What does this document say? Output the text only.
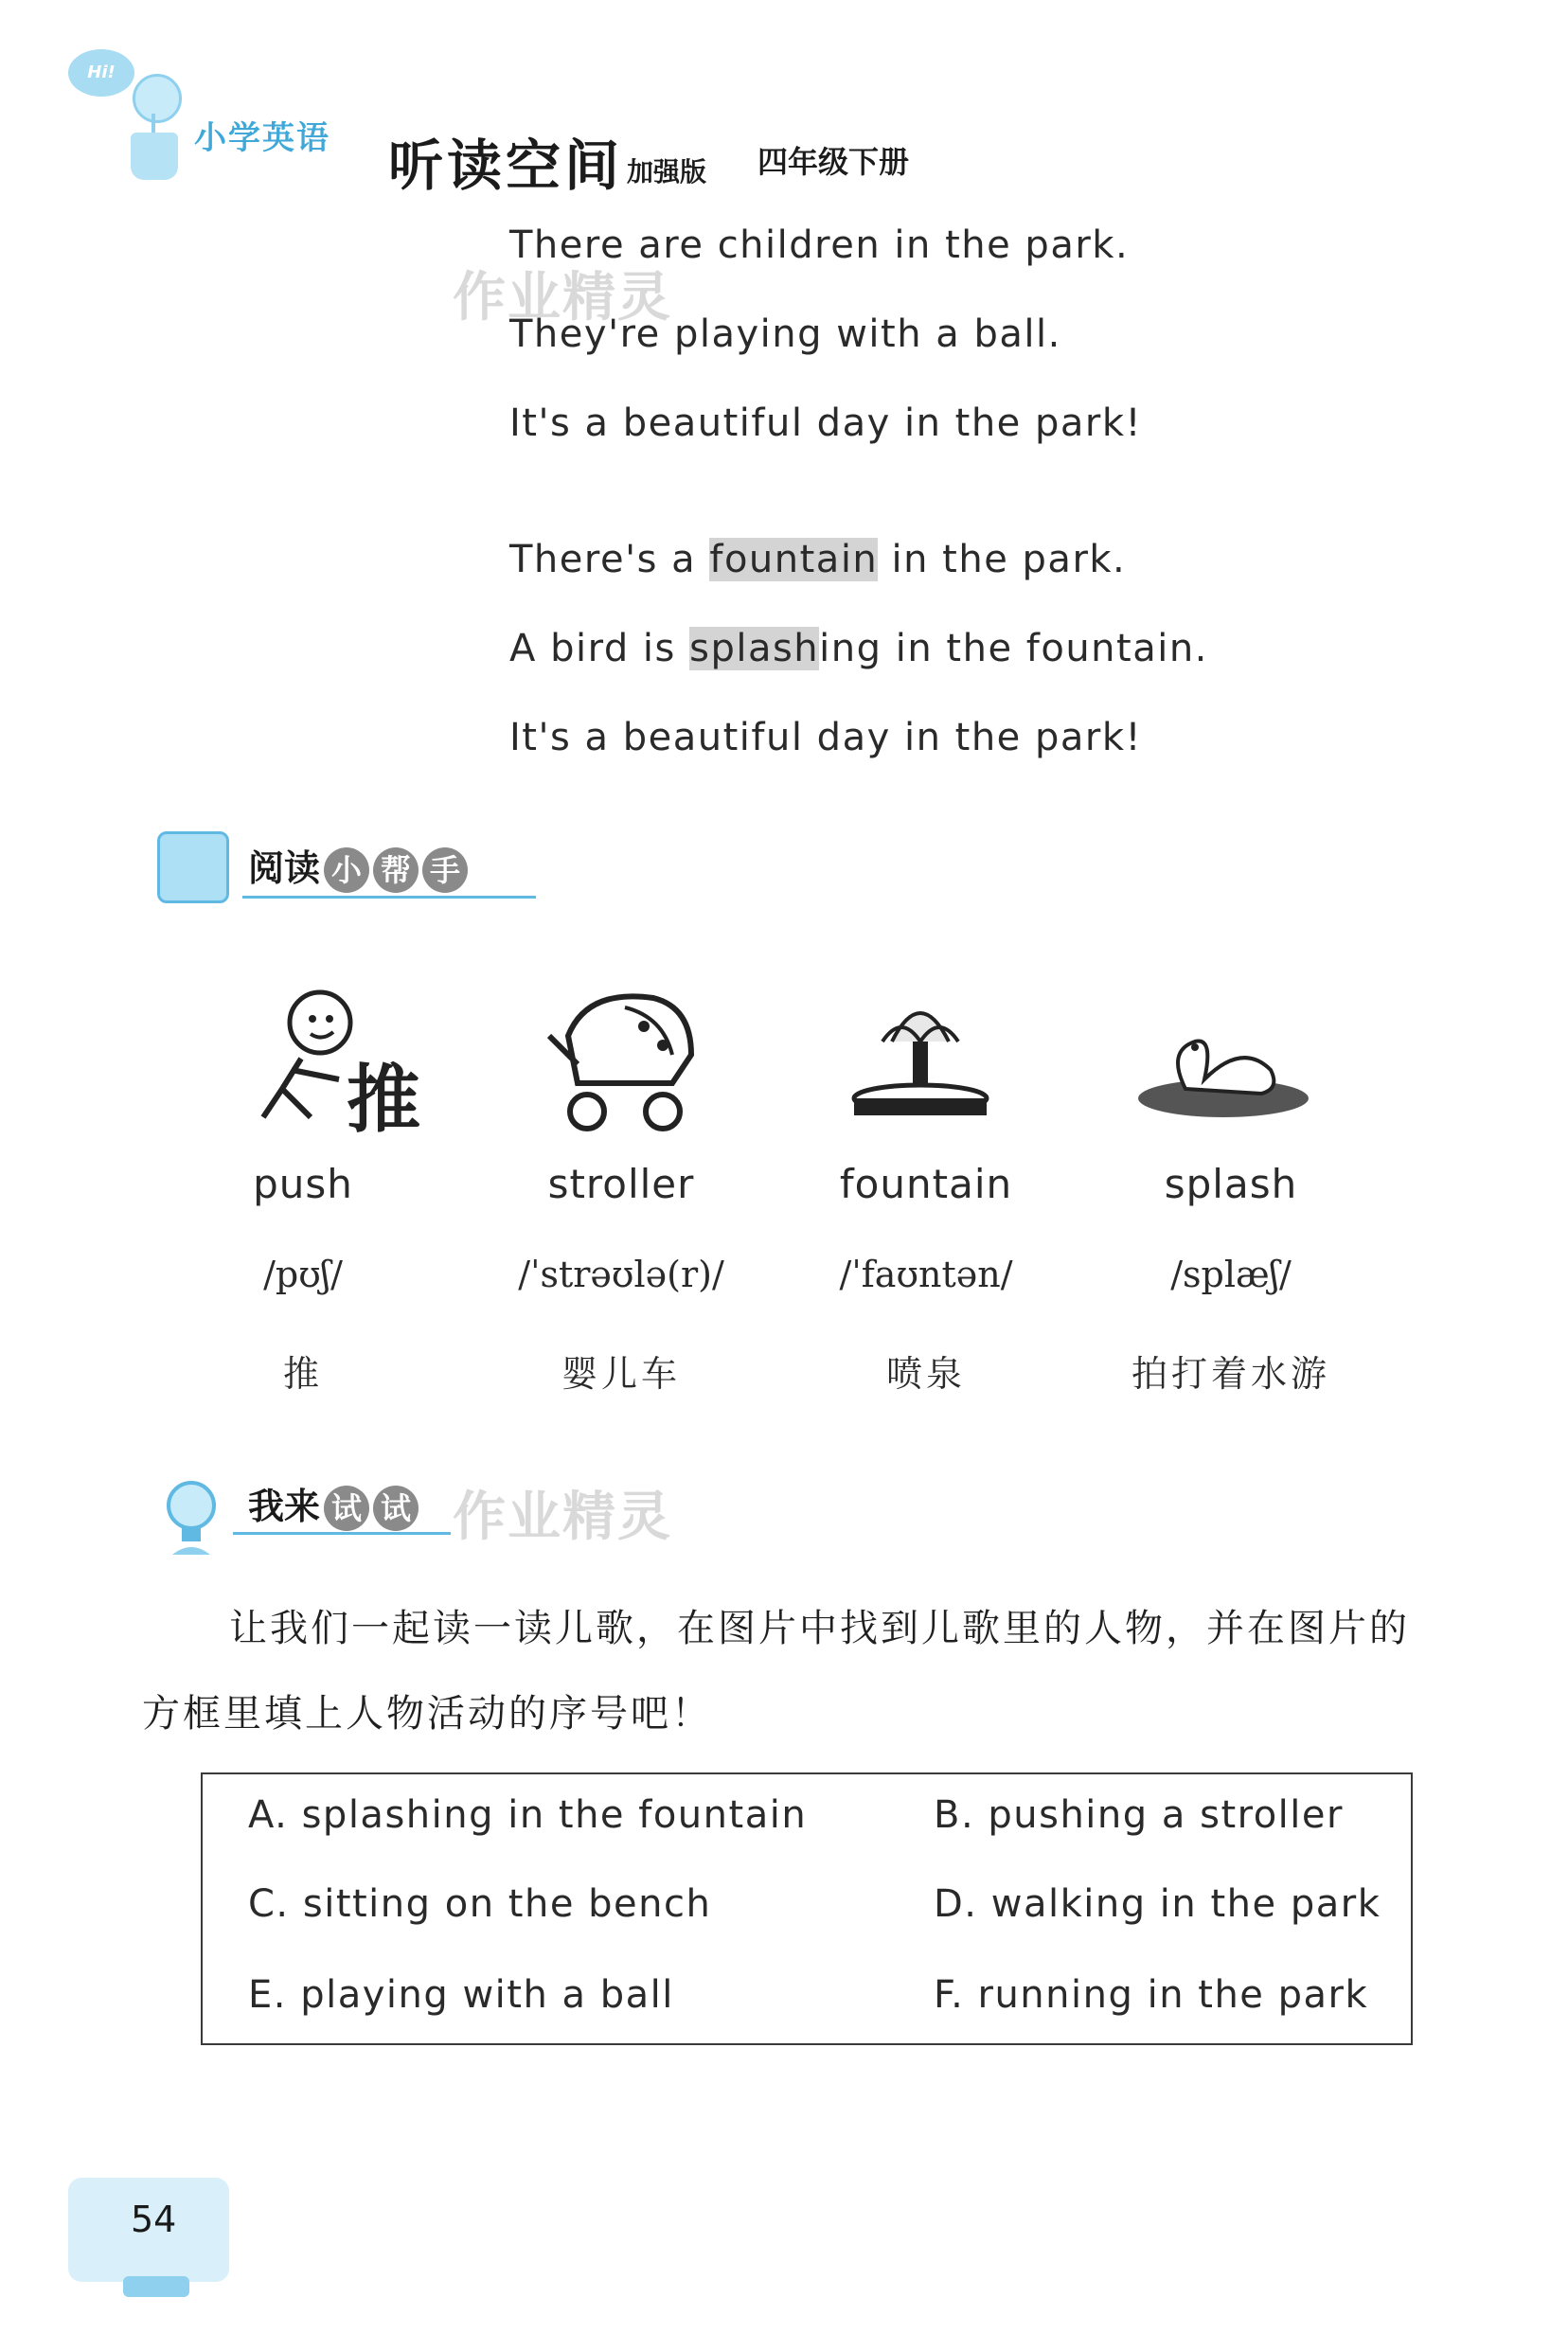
Hi!
小学英语 听读空间 加强版 四年级下册
作业精灵
作业精灵
There are children in the park.
They're playing with a ball.
It's a beautiful day in the park!
There's a fountain in the park.
A bird is splashing in the fountain.
It's a beautiful day in the park!
阅读 小 帮 手
推
push	stroller	fountain	splash
/pʊʃ/	/ˈstrəʊlə(r)/	/ˈfaʊntən/	/splæʃ/
推	婴儿车	喷泉	拍打着水游
我来 试 试
让我们一起读一读儿歌，在图片中找到儿歌里的人物，并在图片的
方框里填上人物活动的序号吧！
A. splashing in the fountain	B. pushing a stroller
C. sitting on the bench	D. walking in the park
E. playing with a ball	F. running in the park
54
